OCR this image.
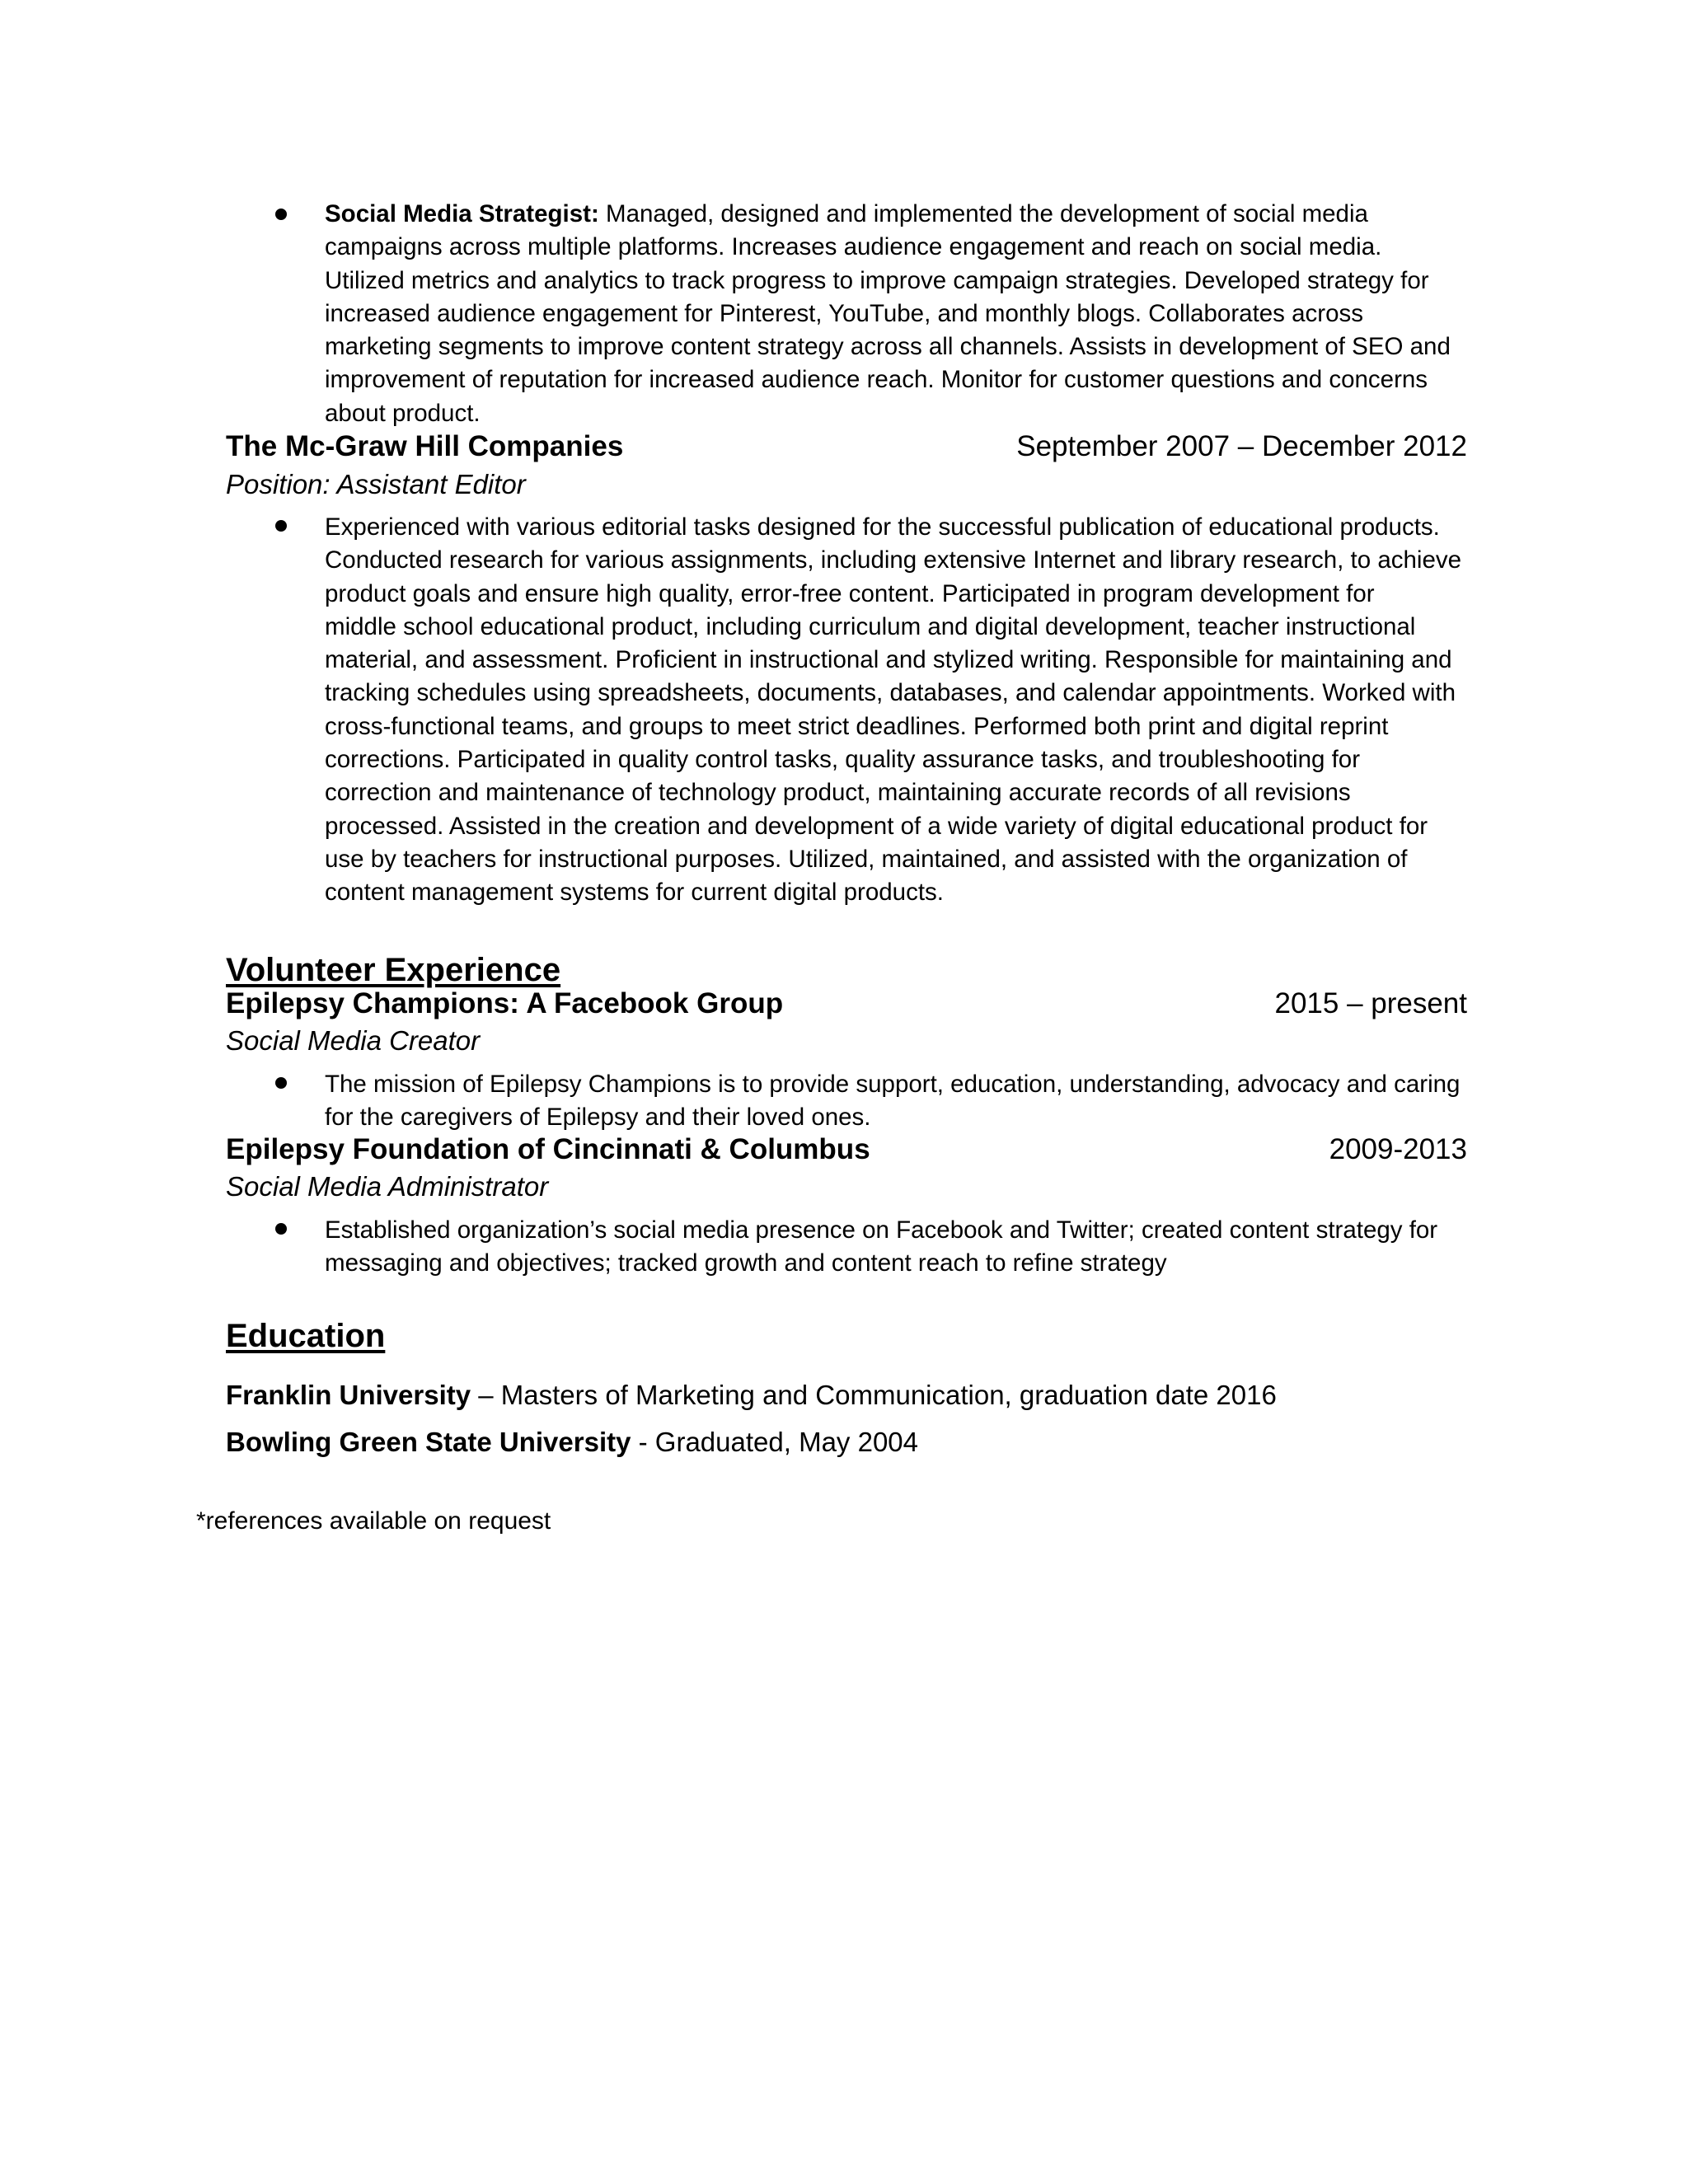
Social Media Strategist: Managed, designed and implemented the development of social media
campaigns across multiple platforms. Increases audience engagement and reach on social media.
Utilized metrics and analytics to track progress to improve campaign strategies. Developed strategy for
increased audience engagement for Pinterest, YouTube, and monthly blogs. Collaborates across
marketing segments to improve content strategy across all channels. Assists in development of SEO and
improvement of reputation for increased audience reach. Monitor for customer questions and concerns
about product.
The Mc-Graw Hill Companies	September 2007 – December 2012
Position: Assistant Editor
Experienced with various editorial tasks designed for the successful publication of educational products.
Conducted research for various assignments, including extensive Internet and library research, to achieve
product goals and ensure high quality, error-free content. Participated in program development for
middle school educational product, including curriculum and digital development, teacher instructional
material, and assessment. Proficient in instructional and stylized writing. Responsible for maintaining and
tracking schedules using spreadsheets, documents, databases, and calendar appointments. Worked with
cross-functional teams, and groups to meet strict deadlines. Performed both print and digital reprint
corrections. Participated in quality control tasks, quality assurance tasks, and troubleshooting for
correction and maintenance of technology product, maintaining accurate records of all revisions
processed. Assisted in the creation and development of a wide variety of digital educational product for
use by teachers for instructional purposes. Utilized, maintained, and assisted with the organization of
content management systems for current digital products.
Volunteer Experience
Epilepsy Champions: A Facebook Group	2015 – present
Social Media Creator
The mission of Epilepsy Champions is to provide support, education, understanding, advocacy and caring
for the caregivers of Epilepsy and their loved ones.
Epilepsy Foundation of Cincinnati & Columbus	2009-2013
Social Media Administrator
Established organization’s social media presence on Facebook and Twitter; created content strategy for
messaging and objectives; tracked growth and content reach to refine strategy
Education
Franklin University – Masters of Marketing and Communication, graduation date 2016
Bowling Green State University - Graduated, May 2004
*references available on request
